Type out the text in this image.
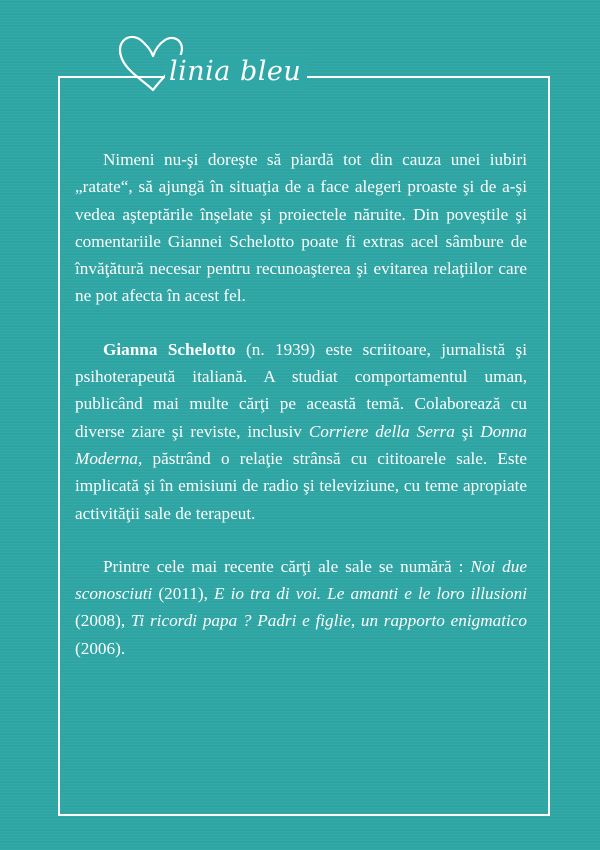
linia bleu

Nimeni nu-şi doreşte să piardă tot din cauza unei iubiri „ratate“, să ajungă în situaţia de a face alegeri proaste şi de a-şi vedea aşteptările înşelate şi proiectele năruite. Din poveştile şi comentariile Giannei Schelotto poate fi extras acel sâmbure de învăţătură necesar pentru recunoaşterea şi evitarea relaţiilor care ne pot afecta în acest fel.

Gianna Schelotto (n. 1939) este scriitoare, jurnalistă şi psihoterapeută italiană. A studiat comportamentul uman, publicând mai multe cărţi pe această temă. Colaborează cu diverse ziare şi reviste, inclusiv Corriere della Serra şi Donna Moderna, păstrând o relaţie strânsă cu cititoarele sale. Este implicată şi în emisiuni de radio şi televiziune, cu teme apropiate activităţii sale de terapeut.

Printre cele mai recente cărţi ale sale se numără : Noi due sconosciuti (2011), E io tra di voi. Le amanti e le loro illusioni (2008), Ti ricordi papa ? Padri e figlie, un rapporto enigmatico (2006).
